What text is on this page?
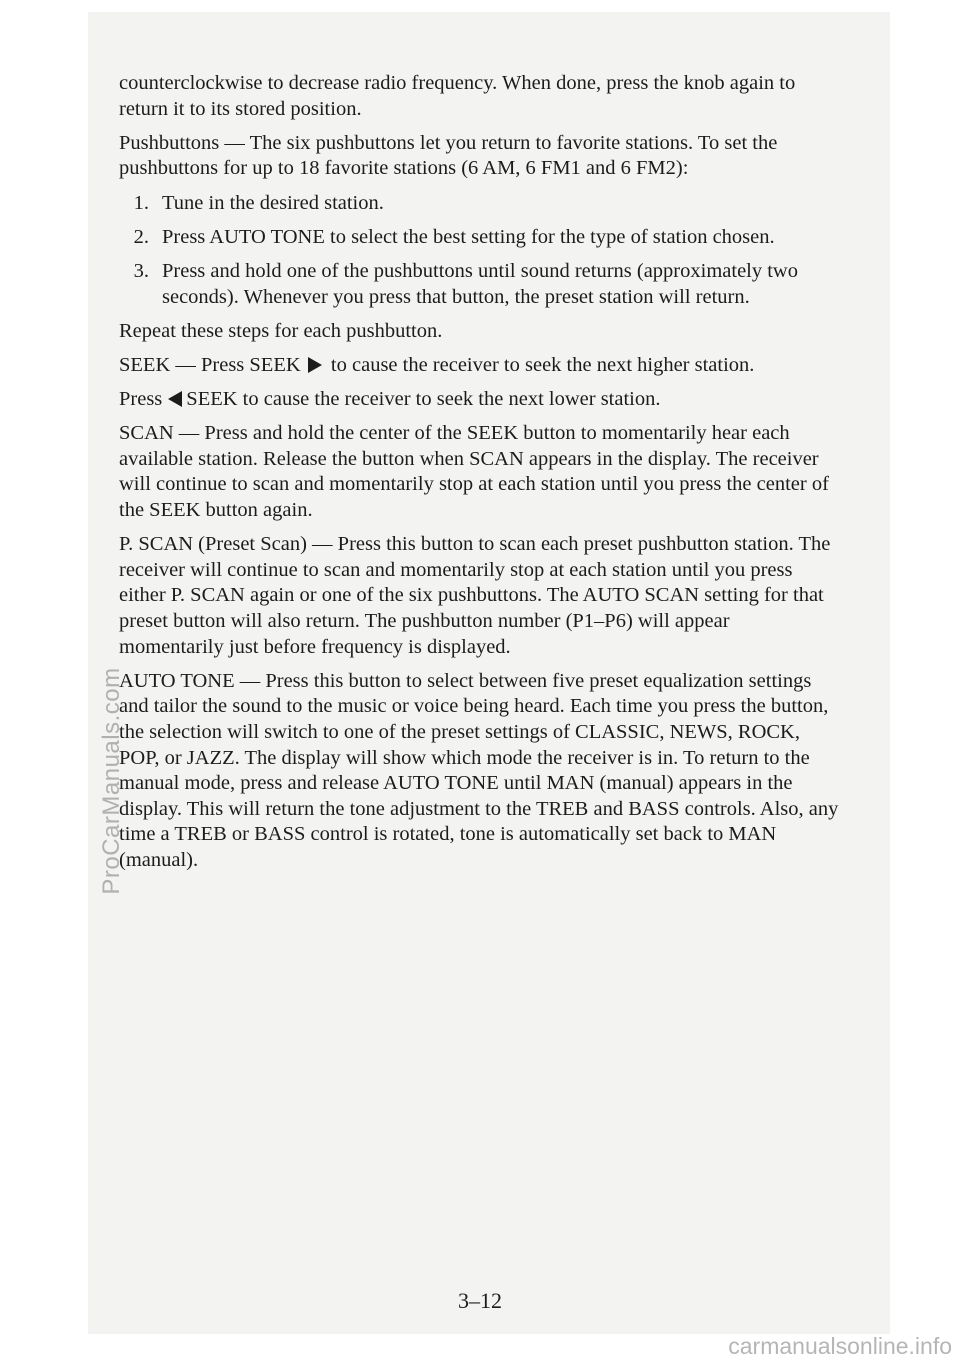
counterclockwise to decrease radio frequency. When done, press the knob again to return it to its stored position.

Pushbuttons — The six pushbuttons let you return to favorite stations. To set the pushbuttons for up to 18 favorite stations (6 AM, 6 FM1 and 6 FM2):

1. Tune in the desired station.
2. Press AUTO TONE to select the best setting for the type of station chosen.
3. Press and hold one of the pushbuttons until sound returns (approximately two seconds). Whenever you press that button, the preset station will return.

Repeat these steps for each pushbutton.

SEEK — Press SEEK to cause the receiver to seek the next higher station.

Press SEEK to cause the receiver to seek the next lower station.

SCAN — Press and hold the center of the SEEK button to momentarily hear each available station. Release the button when SCAN appears in the display. The receiver will continue to scan and momentarily stop at each station until you press the center of the SEEK button again.

P. SCAN (Preset Scan) — Press this button to scan each preset pushbutton station. The receiver will continue to scan and momentarily stop at each station until you press either P. SCAN again or one of the six pushbuttons. The AUTO SCAN setting for that preset button will also return. The pushbutton number (P1–P6) will appear momentarily just before frequency is displayed.

AUTO TONE — Press this button to select between five preset equalization settings and tailor the sound to the music or voice being heard. Each time you press the button, the selection will switch to one of the preset settings of CLASSIC, NEWS, ROCK, POP, or JAZZ. The display will show which mode the receiver is in. To return to the manual mode, press and release AUTO TONE until MAN (manual) appears in the display. This will return the tone adjustment to the TREB and BASS controls. Also, any time a TREB or BASS control is rotated, tone is automatically set back to MAN (manual).

3–12
ProCarManuals.com
carmanualsonline.info
